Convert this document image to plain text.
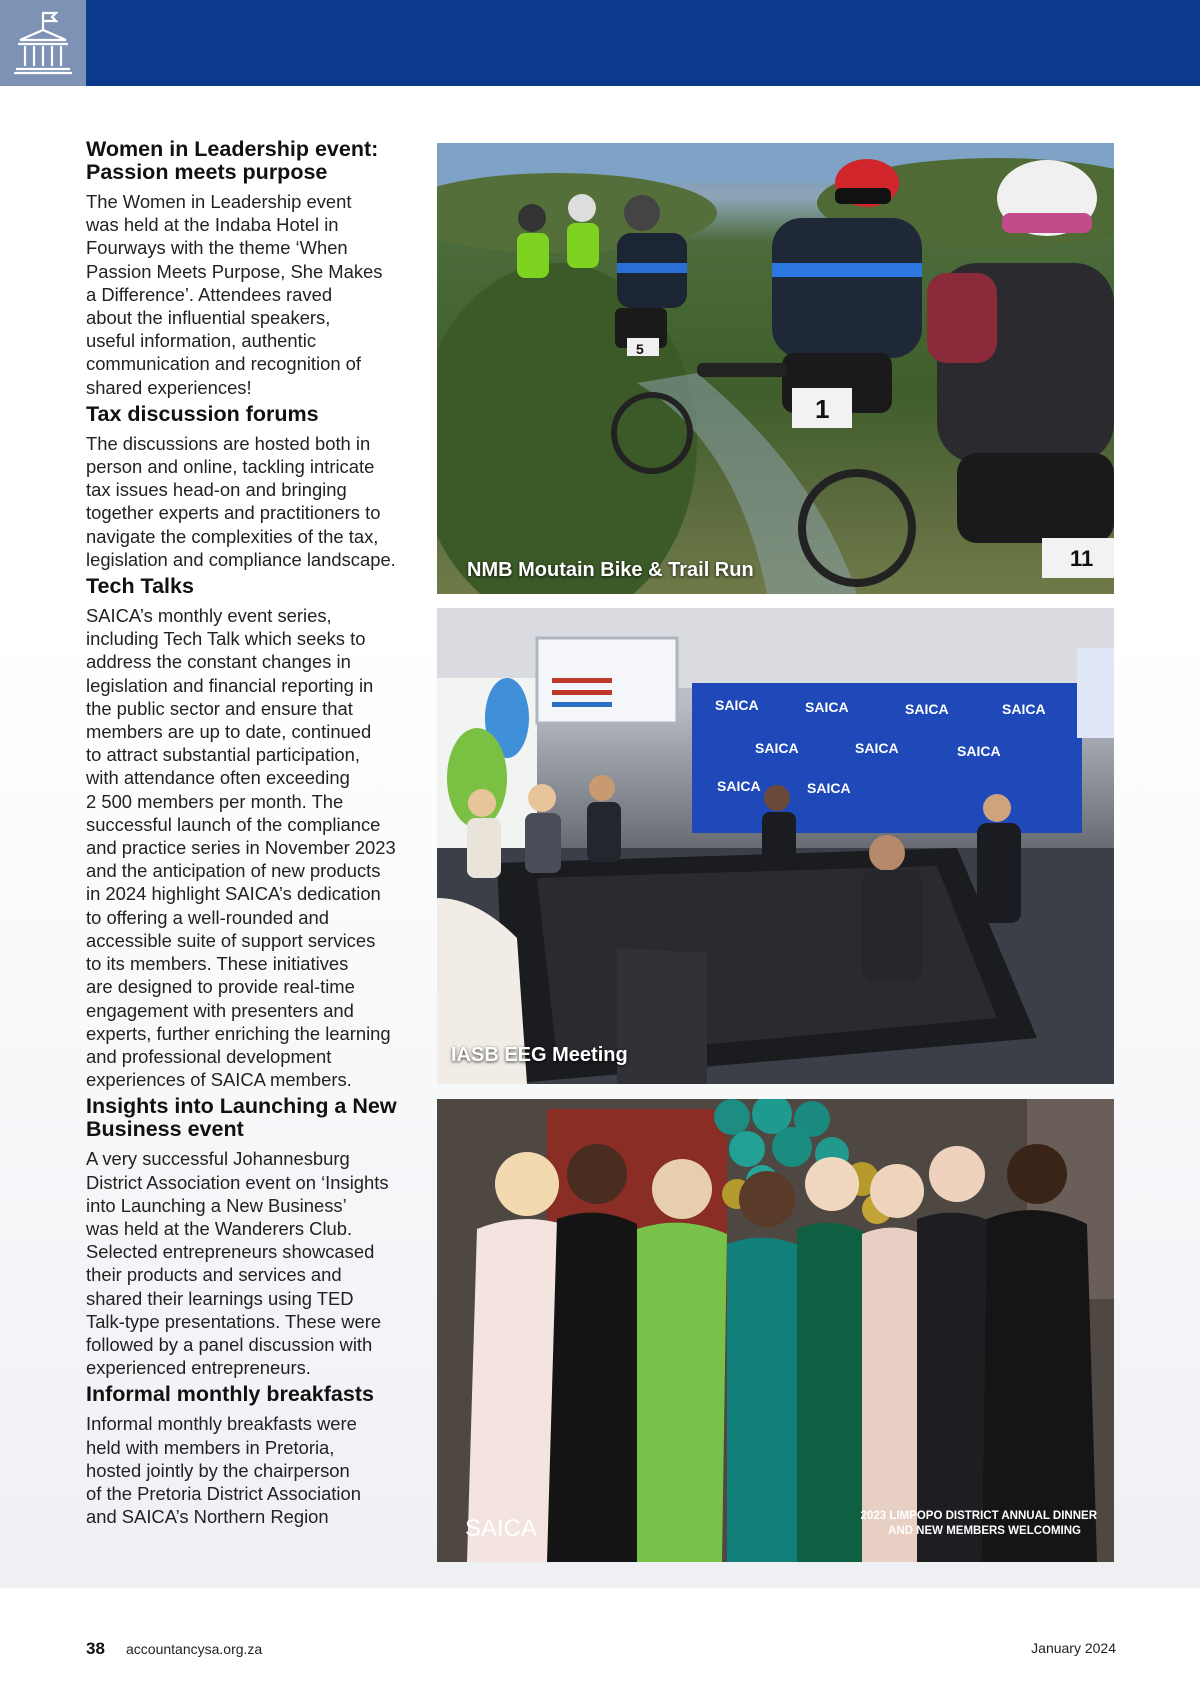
Women in Leadership event:
Passion meets purpose

The Women in Leadership event
was held at the Indaba Hotel in
Fourways with the theme ‘When
Passion Meets Purpose, She Makes
a Difference’. Attendees raved
about the influential speakers,
useful information, authentic
communication and recognition of
shared experiences!

Tax discussion forums

The discussions are hosted both in
person and online, tackling intricate
tax issues head-on and bringing
together experts and practitioners to
navigate the complexities of the tax,
legislation and compliance landscape.

Tech Talks

SAICA’s monthly event series,
including Tech Talk which seeks to
address the constant changes in
legislation and financial reporting in
the public sector and ensure that
members are up to date, continued
to attract substantial participation,
with attendance often exceeding
2 500 members per month. The
successful launch of the compliance
and practice series in November 2023
and the anticipation of new products
in 2024 highlight SAICA’s dedication
to offering a well-rounded and
accessible suite of support services
to its members. These initiatives
are designed to provide real-time
engagement with presenters and
experts, further enriching the learning
and professional development
experiences of SAICA members.

Insights into Launching a New
Business event

A very successful Johannesburg
District Association event on ‘Insights
into Launching a New Business’
was held at the Wanderers Club.
Selected entrepreneurs showcased
their products and services and
shared their learnings using TED
Talk-type presentations. These were
followed by a panel discussion with
experienced entrepreneurs.

Informal monthly breakfasts

Informal monthly breakfasts were
held with members in Pretoria,
hosted jointly by the chairperson
of the Pretoria District Association
and SAICA’s Northern Region

5
1
11
NMB Moutain Bike & Trail Run
SAICA	SAICA	SAICA	SAICA
SAICA	SAICA	SAICA
SAICA	SAICA
IASB EEG Meeting
SAICA	2023 LIMPOPO DISTRICT ANNUAL DINNER
AND NEW MEMBERS WELCOMING
38 accountancysa.org.za	January 2024
